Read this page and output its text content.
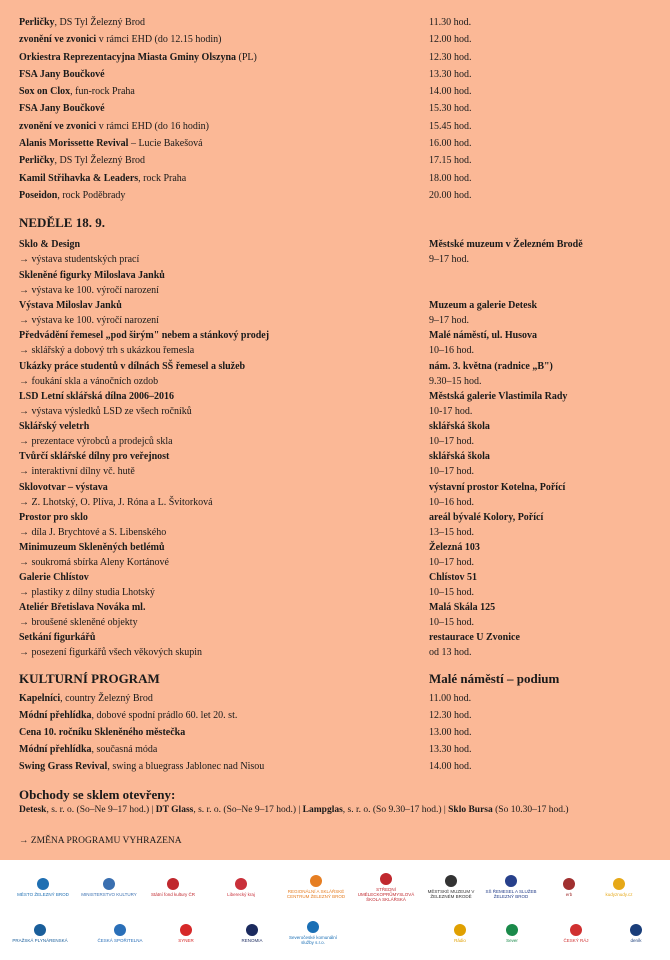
Perličky, DS Tyl Železný Brod	11.30 hod.
zvonění ve zvonici v rámci EHD (do 12.15 hodin)	12.00 hod.
Orkiestra Reprezentacyjna Miasta Gminy Olszyna (PL)	12.30 hod.
FSA Jany Boučkové	13.30 hod.
Sox on Clox, fun-rock Praha	14.00 hod.
FSA Jany Boučkové	15.30 hod.
zvonění ve zvonici v rámci EHD (do 16 hodin)	15.45 hod.
Alanis Morissette Revival – Lucie Bakešová	16.00 hod.
Perličky, DS Tyl Železný Brod	17.15 hod.
Kamil Střihavka & Leaders, rock Praha	18.00 hod.
Poseidon, rock Poděbrady	20.00 hod.
NEDĚLE 18. 9.
Sklo & Design	Městské muzeum v Železném Brodě
→ výstava studentských prací	9–17 hod.
Skleněné figurky Miloslava Janků
→ výstava ke 100. výročí narození
Výstava Miloslav Janků	Muzeum a galerie Detesk
→ výstava ke 100. výročí narození	9–17 hod.
Předvádění řemesel „pod širým" nebem a stánkový prodej	Malé náměstí, ul. Husova
→ sklářský a dobový trh s ukázkou řemesla	10–16 hod.
Ukázky práce studentů v dílnách SŠ řemesel a služeb	nám. 3. května (radnice „B")
→ foukání skla a vánočních ozdob	9.30–15 hod.
LSD Letní sklářská dílna 2006–2016	Městská galerie Vlastimila Rady
→ výstava výsledků LSD ze všech ročníků	10-17 hod.
Sklářský veletrh	sklářská škola
→ prezentace výrobců a prodejců skla	10–17 hod.
Tvůrčí sklářské dílny pro veřejnost	sklářská škola
→ interaktivní dílny vč. hutě	10–17 hod.
Sklovotvar – výstava	výstavní prostor Kotelna, Pořící
→ Z. Lhotský, O. Plíva, J. Róna a L. Švitorková	10–16 hod.
Prostor pro sklo	areál bývalé Kolory, Pořící
→ díla J. Brychtové a S. Libenského	13–15 hod.
Minimuzeum Skleněných betlémů	Železná 103
→ soukromá sbírka Aleny Kortánové	10–17 hod.
Galerie Chlístov	Chlístov 51
→ plastiky z dílny studia Lhotský	10–15 hod.
Ateliér Břetislava Nováka ml.	Malá Skála 125
→ broušené skleněné objekty	10–15 hod.
Setkání figurkářů	restaurace U Zvonice
→ posezení figurkářů všech věkových skupin	od 13 hod.
KULTURNÍ PROGRAM	Malé náměstí – podium
Kapelníci, country Železný Brod	11.00 hod.
Módní přehlídka, dobové spodní prádlo 60. let 20. st.	12.30 hod.
Cena 10. ročníku Skleněného městečka	13.00 hod.
Módní přehlídka, současná móda	13.30 hod.
Swing Grass Revival, swing a bluegrass Jablonec nad Nisou	14.00 hod.
Obchody se sklem otevřeny:
Detesk, s. r. o. (So–Ne 9–17 hod.) | DT Glass, s. r. o. (So–Ne 9–17 hod.) | Lampglas, s. r. o. (So 9.30–17 hod.) | Sklo Bursa (So 10.30–17 hod.)
→ ZMĚNA PROGRAMU VYHRAZENA
MĚSTO ŽELEZNÝ BROD	MINISTERSTVO KULTURY	Státní fond kultury ČR	Liberecký kraj	REGIONÁLNÍ A SKLÁŘSKÉ CENTRUM ŽELEZNÝ BROD
STŘEDNÍ UMĚLECKOPRŮMYSLOVÁ ŠKOLA SKLÁŘSKÁ
MĚSTSKÉ MUZEUM V ŽELEZNÉM BRODĚ
SŠ ŘEMESEL A SLUŽEB ŽELEZNÝ BROD	erb	kudyznudy.cz
PRAŽSKÁ PLYNÁRENSKÁ	ČESKÁ SPOŘITELNA	SYNER	RENOMIA	Severočeské komunální služby s.r.o.	Rádio	Sever	ČESKÝ RÁJ	deník
